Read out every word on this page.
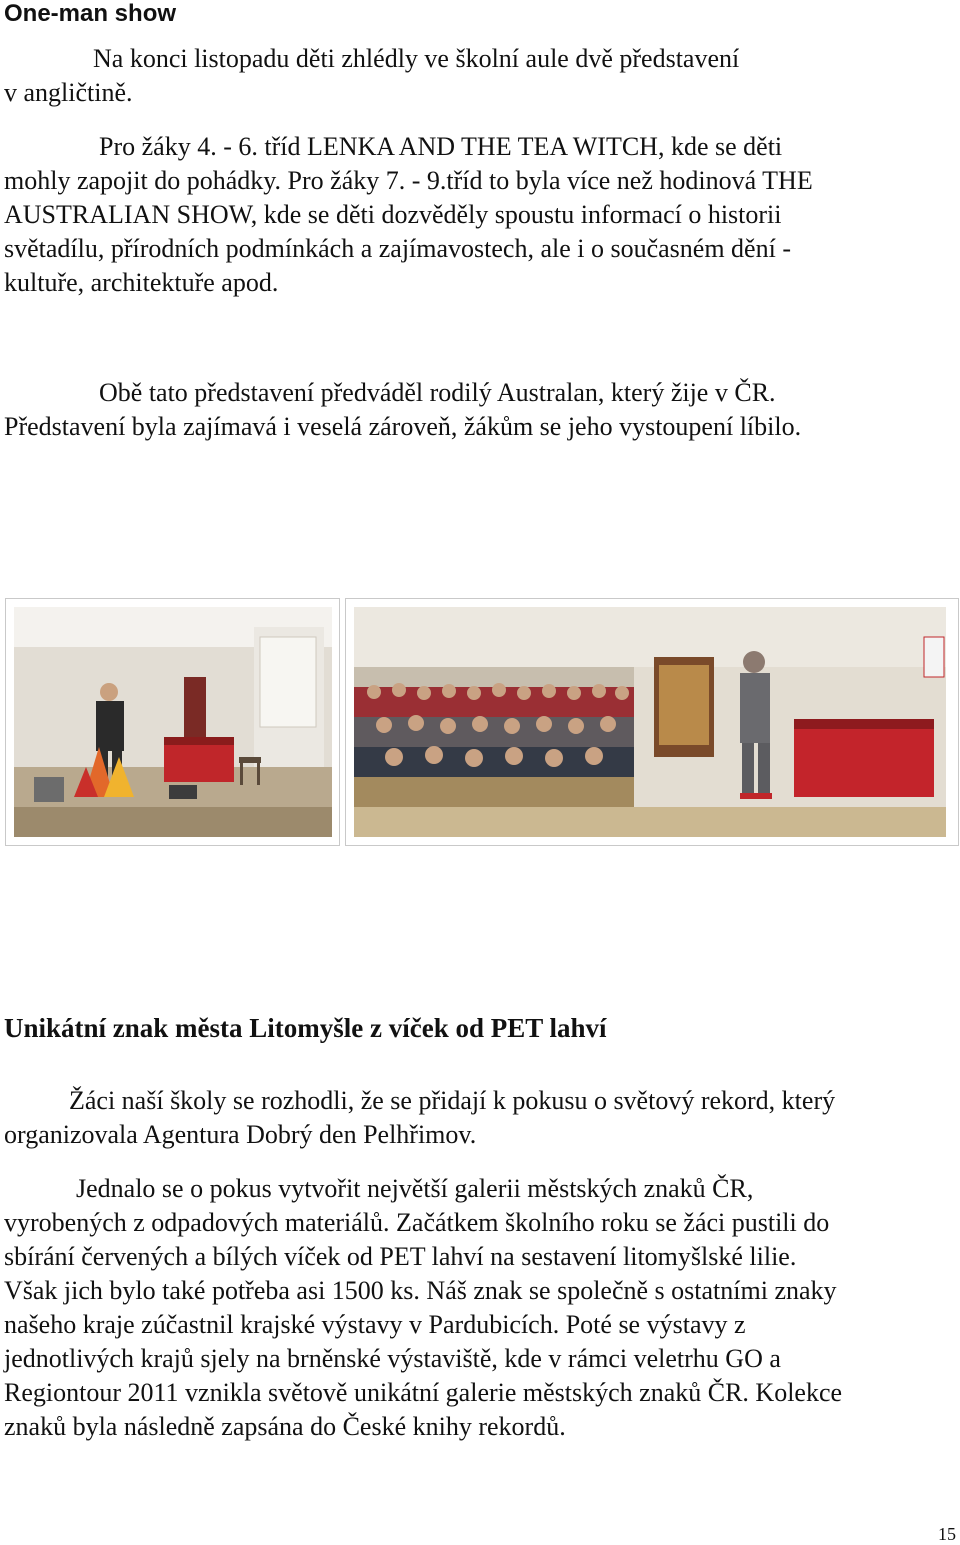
One-man show
Na konci listopadu děti zhlédly ve školní aule dvě představení
v angličtině.
Pro žáky 4. - 6. tříd LENKA AND THE TEA WITCH, kde se děti
mohly zapojit do pohádky. Pro žáky 7. - 9.tříd to byla více než hodinová THE
AUSTRALIAN SHOW, kde se děti dozvěděly spoustu informací o historii
světadílu, přírodních podmínkách a zajímavostech, ale i o současném dění -
kultuře, architektuře apod.
Obě tato představení předváděl rodilý Australan, který žije v ČR.
Představení byla zajímavá i veselá zároveň, žákům se jeho vystoupení líbilo.
Unikátní znak města Litomyšle z víček od PET lahví
Žáci naší školy se rozhodli, že se přidají k pokusu o světový rekord, který
organizovala Agentura Dobrý den Pelhřimov.
Jednalo se o pokus vytvořit největší galerii městských znaků ČR,
vyrobených z odpadových materiálů. Začátkem školního roku se žáci pustili do
sbírání červených a bílých víček od PET lahví na sestavení litomyšlské lilie.
Však jich bylo také potřeba asi 1500 ks. Náš znak se společně s ostatními znaky
našeho kraje zúčastnil krajské výstavy v Pardubicích. Poté se výstavy z
jednotlivých krajů sjely na brněnské výstaviště, kde v rámci veletrhu GO a
Regiontour 2011 vznikla světově unikátní galerie městských znaků ČR. Kolekce
znaků byla následně zapsána do České knihy rekordů.
15
